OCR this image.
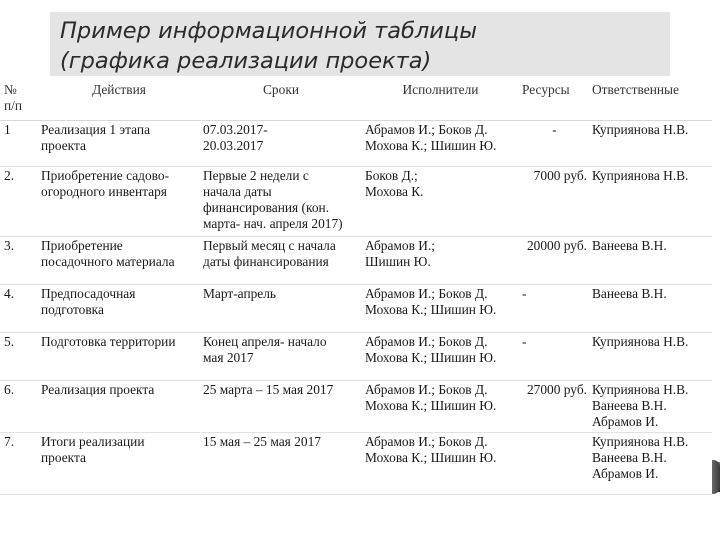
Пример информационной таблицы
(графика реализации проекта)
№
п/п	Действия	Сроки	Исполнители	Ресурсы	Ответственные
1	Реализация 1 этапа
проекта	07.03.2017-
20.03.2017	Абрамов И.; Боков Д.
Мохова К.; Шишин Ю.	-	Куприянова Н.В.
2.	Приобретение садово-
огородного инвентаря	Первые 2 недели с
начала даты
финансирования (кон.
марта- нач. апреля 2017)	Боков Д.;
Мохова К.	7000 руб.	Куприянова Н.В.
3.	Приобретение
посадочного материала	Первый месяц с начала
даты финансирования	Абрамов И.;
Шишин Ю.	20000 руб.	Ванеева В.Н.
4.	Предпосадочная
подготовка	Март-апрель	Абрамов И.; Боков Д.
Мохова К.; Шишин Ю.	-	Ванеева В.Н.
5.	Подготовка территории	Конец апреля- начало
мая 2017	Абрамов И.; Боков Д.
Мохова К.; Шишин Ю.	-	Куприянова Н.В.
6.	Реализация проекта	25 марта – 15 мая 2017	Абрамов И.; Боков Д.
Мохова К.; Шишин Ю.	27000 руб.	Куприянова Н.В.
Ванеева В.Н.
Абрамов И.
7.	Итоги реализации
проекта	15 мая – 25 мая 2017	Абрамов И.; Боков Д.
Мохова К.; Шишин Ю.		Куприянова Н.В.
Ванеева В.Н.
Абрамов И.
